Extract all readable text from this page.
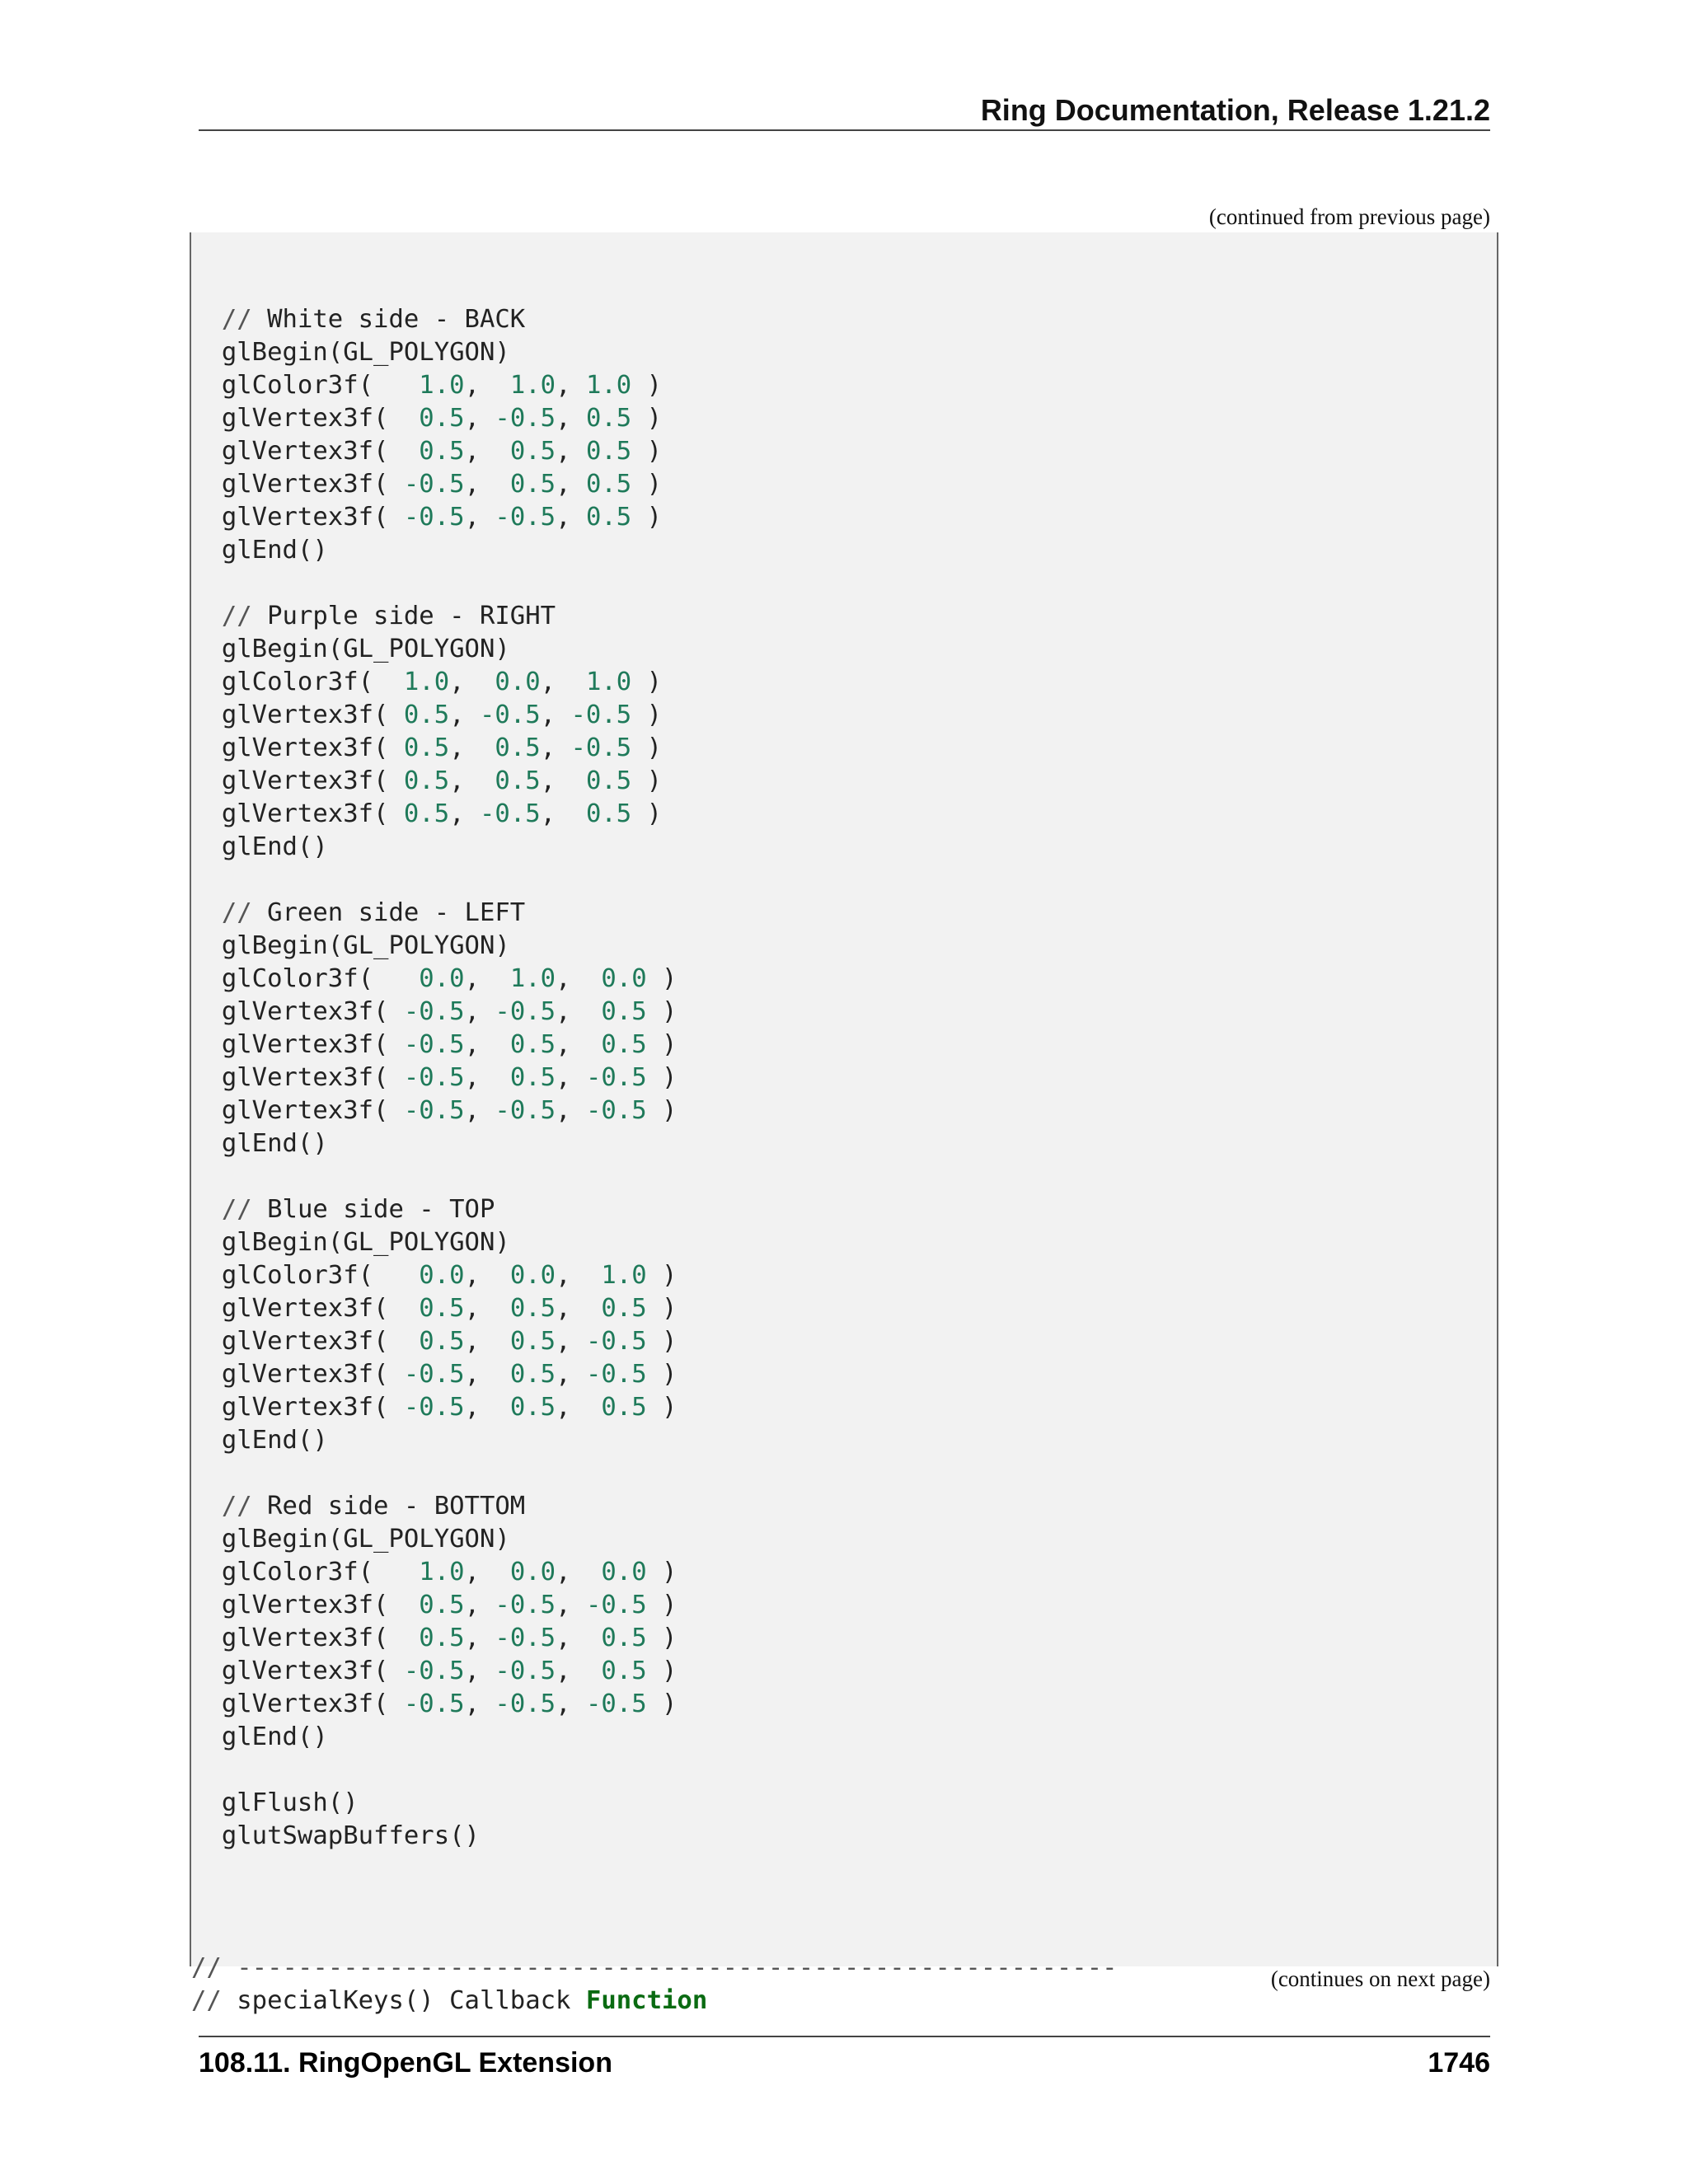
Ring Documentation, Release 1.21.2
(continued from previous page)
// White side - BACK
glBegin(GL_POLYGON)
glColor3f(   1.0,  1.0, 1.0 )
glVertex3f(  0.5, -0.5, 0.5 )
glVertex3f(  0.5,  0.5, 0.5 )
glVertex3f( -0.5,  0.5, 0.5 )
glVertex3f( -0.5, -0.5, 0.5 )
glEnd()
// Purple side - RIGHT
glBegin(GL_POLYGON)
glColor3f(  1.0,  0.0,  1.0 )
glVertex3f( 0.5, -0.5, -0.5 )
glVertex3f( 0.5,  0.5, -0.5 )
glVertex3f( 0.5,  0.5,  0.5 )
glVertex3f( 0.5, -0.5,  0.5 )
glEnd()
// Green side - LEFT
glBegin(GL_POLYGON)
glColor3f(   0.0,  1.0,  0.0 )
glVertex3f( -0.5, -0.5,  0.5 )
glVertex3f( -0.5,  0.5,  0.5 )
glVertex3f( -0.5,  0.5, -0.5 )
glVertex3f( -0.5, -0.5, -0.5 )
glEnd()
// Blue side - TOP
glBegin(GL_POLYGON)
glColor3f(   0.0,  0.0,  1.0 )
glVertex3f(  0.5,  0.5,  0.5 )
glVertex3f(  0.5,  0.5, -0.5 )
glVertex3f( -0.5,  0.5, -0.5 )
glVertex3f( -0.5,  0.5,  0.5 )
glEnd()
// Red side - BOTTOM
glBegin(GL_POLYGON)
glColor3f(   1.0,  0.0,  0.0 )
glVertex3f(  0.5, -0.5, -0.5 )
glVertex3f(  0.5, -0.5,  0.5 )
glVertex3f( -0.5, -0.5,  0.5 )
glVertex3f( -0.5, -0.5, -0.5 )
glEnd()
glFlush()
glutSwapBuffers()
// ----------------------------------------------------------
// specialKeys() Callback Function
(continues on next page)
108.11. RingOpenGL Extension	1746
